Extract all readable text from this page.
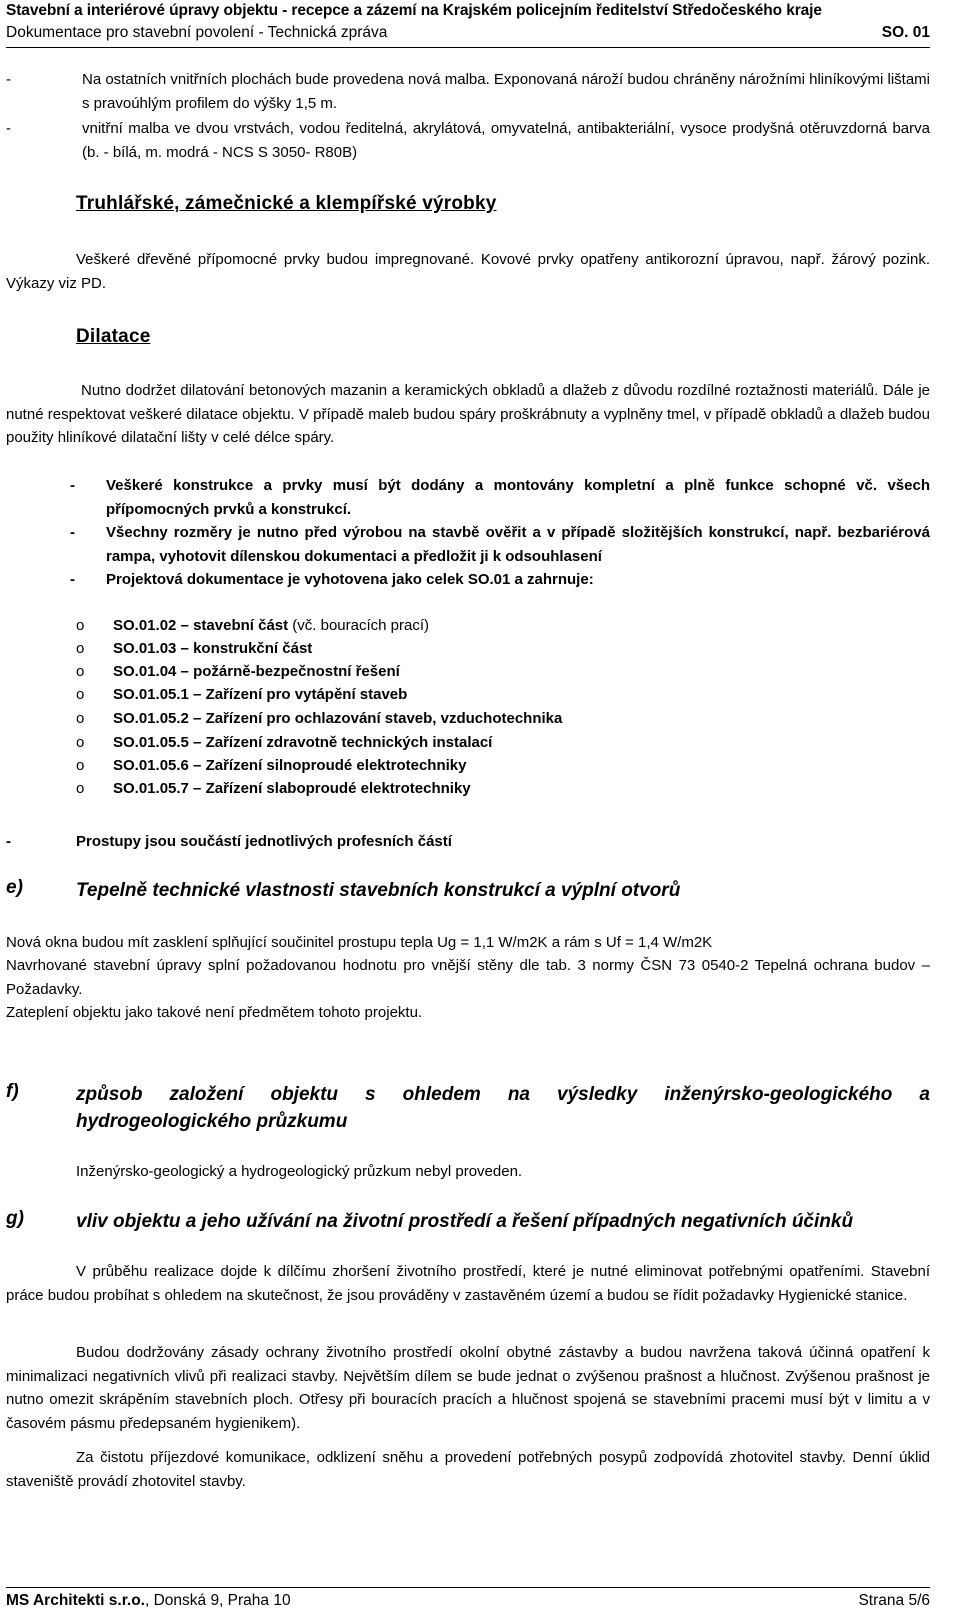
Stavební a interiérové úpravy objektu - recepce a zázemí na Krajském policejním ředitelství Středočeského kraje
Dokumentace pro stavební povolení - Technická zpráva	SO. 01
-	Na ostatních vnitřních plochách bude provedena nová malba. Exponovaná nároží budou chráněny nárožními hliníkovými lištami s pravoúhlým profilem do výšky 1,5 m.
-	vnitřní malba ve dvou vrstvách, vodou ředitelná, akrylátová, omyvatelná, antibakteriální, vysoce prodyšná otěruvzdorná barva (b. - bílá, m. modrá - NCS S 3050- R80B)
Truhlářské, zámečnické a klempířské výrobky
Veškeré dřevěné přípomocné prvky budou impregnované. Kovové prvky opatřeny antikorozní úpravou, např. žárový pozink. Výkazy viz PD.
Dilatace
Nutno dodržet dilatování betonových mazanin a keramických obkladů a dlažeb z důvodu rozdílné roztažnosti materiálů. Dále je nutné respektovat veškeré dilatace objektu. V případě maleb budou spáry proškrábnuty a vyplněny tmel, v případě obkladů a dlažeb budou použity hliníkové dilatační lišty v celé délce spáry.
- Veškeré konstrukce a prvky musí být dodány a montovány kompletní a plně funkce schopné vč. všech přípomocných prvků a konstrukcí.
- Všechny rozměry je nutno před výrobou na stavbě ověřit a v případě složitějších konstrukcí, např. bezbariérová rampa, vyhotovit dílenskou dokumentaci a předložit ji k odsouhlasení
- Projektová dokumentace je vyhotovena jako celek SO.01 a zahrnuje:
o SO.01.02 – stavební část (vč. bouracích prací)
o SO.01.03 – konstrukční část
o SO.01.04 – požárně-bezpečnostní řešení
o SO.01.05.1 – Zařízení pro vytápění staveb
o SO.01.05.2 – Zařízení pro ochlazování staveb, vzduchotechnika
o SO.01.05.5 – Zařízení zdravotně technických instalací
o SO.01.05.6 – Zařízení silnoproudé elektrotechniky
o SO.01.05.7 – Zařízení slaboproudé elektrotechniky
-	Prostupy jsou součástí jednotlivých profesních částí
e)	Tepelně technické vlastnosti stavebních konstrukcí a výplní otvorů
Nová okna budou mít zasklení splňující součinitel prostupu tepla Ug = 1,1 W/m2K a rám s Uf = 1,4 W/m2K
Navrhované stavební úpravy splní požadovanou hodnotu pro vnější stěny dle tab. 3 normy ČSN 73 0540-2 Tepelná ochrana budov – Požadavky.
Zateplení objektu jako takové není předmětem tohoto projektu.
f)	způsob založení objektu s ohledem na výsledky inženýrsko-geologického a hydrogeologického průzkumu
Inženýrsko-geologický a hydrogeologický průzkum nebyl proveden.
g)	vliv objektu a jeho užívání na životní prostředí a řešení případných negativních účinků
V průběhu realizace dojde k dílčímu zhoršení životního prostředí, které je nutné eliminovat potřebnými opatřeními. Stavební práce budou probíhat s ohledem na skutečnost, že jsou prováděny v zastavěném území a budou se řídit požadavky Hygienické stanice.
Budou dodržovány zásady ochrany životního prostředí okolní obytné zástavby a budou navržena taková účinná opatření k minimalizaci negativních vlivů při realizaci stavby. Největším dílem se bude jednat o zvýšenou prašnost a hlučnost. Zvýšenou prašnost je nutno omezit skrápěním stavebních ploch. Otřesy při bouracích pracích a hlučnost spojená se stavebními pracemi musí být v limitu a v časovém pásmu předepsaném hygienikem).
Za čistotu příjezdové komunikace, odklizení sněhu a provedení potřebných posypů zodpovídá zhotovitel stavby. Denní úklid staveniště provádí zhotovitel stavby.
MS Architekti s.r.o., Donská 9, Praha 10	Strana 5/6
